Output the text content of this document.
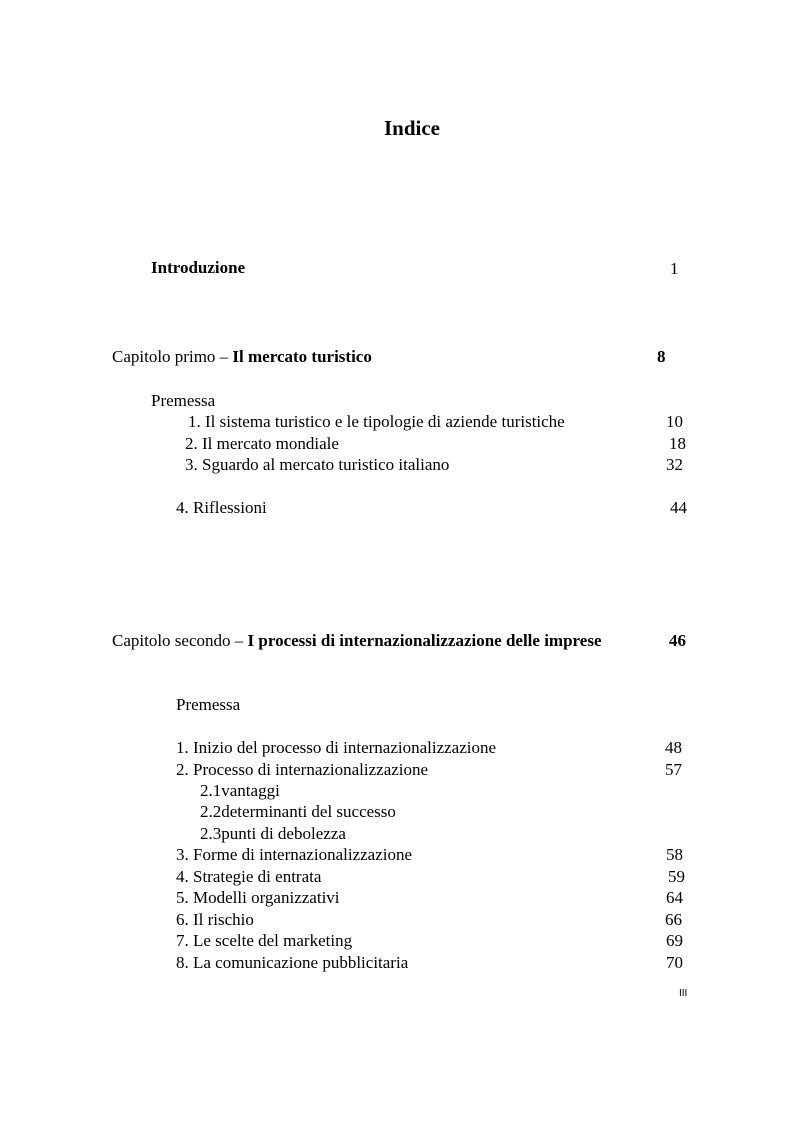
Indice
Introduzione	1
Capitolo primo – Il mercato turistico	8
Premessa
1. Il sistema turistico e le tipologie di aziende turistiche	10
2. Il mercato mondiale	18
3. Sguardo al mercato turistico italiano	32
4. Riflessioni	44
Capitolo secondo – I processi di internazionalizzazione delle imprese	46
Premessa
1. Inizio del processo di internazionalizzazione	48
2. Processo di internazionalizzazione	57
2.1vantaggi
2.2determinanti del successo
2.3punti di debolezza
3. Forme di internazionalizzazione	58
4. Strategie di entrata	59
5. Modelli organizzativi	64
6. Il rischio	66
7. Le scelte del marketing	69
8. La comunicazione pubblicitaria	70
III
